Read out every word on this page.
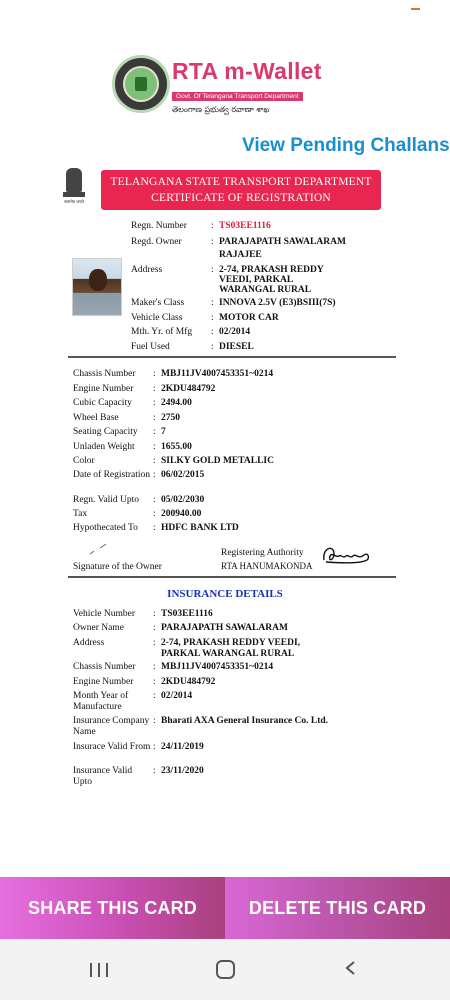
RTA m-Wallet
Govt. Of Telangana Transport Department
తెలంగాణ ప్రభుత్వ రవాణా శాఖ
View Pending Challans
सत्यमेव जयते
TELANGANA STATE TRANSPORT DEPARTMENT
CERTIFICATE OF REGISTRATION
Regn. Number	: TS03EE1116
Regd. Owner	: PARAJAPATH SAWALARAM
RAJAJEE
Address	: 2-74, PRAKASH REDDY
VEEDI, PARKAL
WARANGAL RURAL
Maker's Class	: INNOVA 2.5V (E3)BSIII(7S)
Vehicle Class	: MOTOR CAR
Mth. Yr. of Mfg	: 02/2014
Fuel Used	: DIESEL
Chassis Number	: MBJ11JV4007453351~0214
Engine Number	: 2KDU484792
Cubic Capacity	: 2494.00
Wheel Base	: 2750
Seating Capacity	: 7
Unladen Weight	: 1655.00
Color	: SILKY GOLD METALLIC
Date of Registration : 06/02/2015
Regn. Valid Upto	: 05/02/2030
Tax	: 200940.00
Hypothecated To	: HDFC BANK LTD
Signature of the Owner
Registering Authority
RTA HANUMAKONDA
INSURANCE DETAILS
Vehicle Number	: TS03EE1116
Owner Name	: PARAJAPATH SAWALARAM
Address	: 2-74, PRAKASH REDDY VEEDI, PARKAL WARANGAL RURAL
Chassis Number	: MBJ11JV4007453351~0214
Engine Number	: 2KDU484792
Month Year of Manufacture
: 02/2014
Insurance Company Name
: Bharati AXA General Insurance Co. Ltd.
Insurace Valid From : 24/11/2019
Insurance Valid Upto
: 23/11/2020
SHARE THIS CARD	DELETE THIS CARD
